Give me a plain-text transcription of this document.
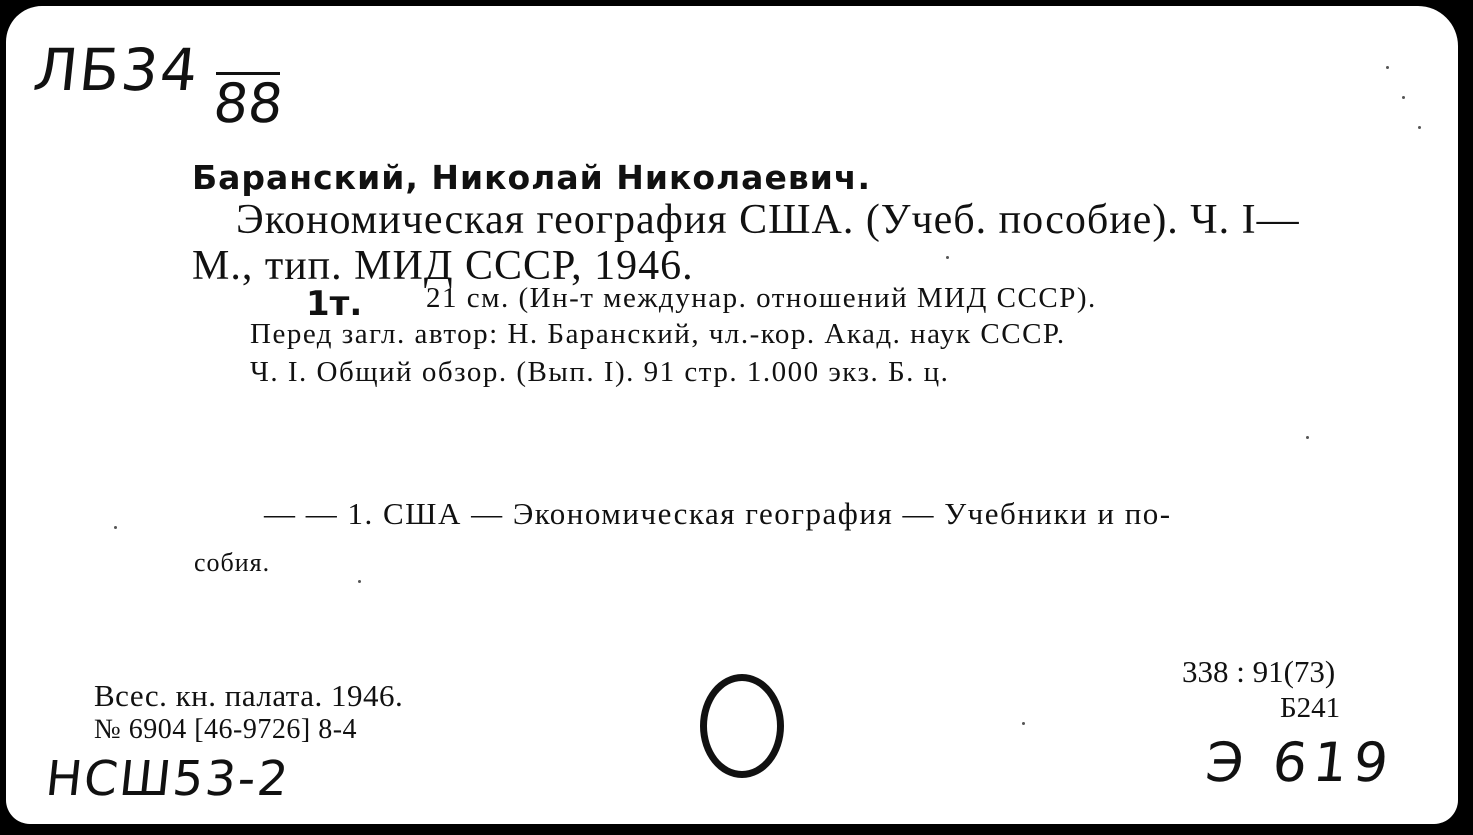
ЛБ34 88
Баранский, Николай Николаевич.
Экономическая география США. (Учеб. пособие). Ч. I—
М., тип. МИД СССР, 1946.
1т. 21 см. (Ин-т междунар. отношений МИД СССР).
Перед загл. автор: Н. Баранский, чл.-кор. Акад. наук СССР.
Ч. I. Общий обзор. (Вып. I). 91 стр. 1.000 экз. Б. ц.
— — 1. США — Экономическая география — Учебники и по-
собия.
Всес. кн. палата. 1946.
№ 6904 [46-9726] 8-4
338 : 91(73)
Б241
НСШ53-2	Э 619
